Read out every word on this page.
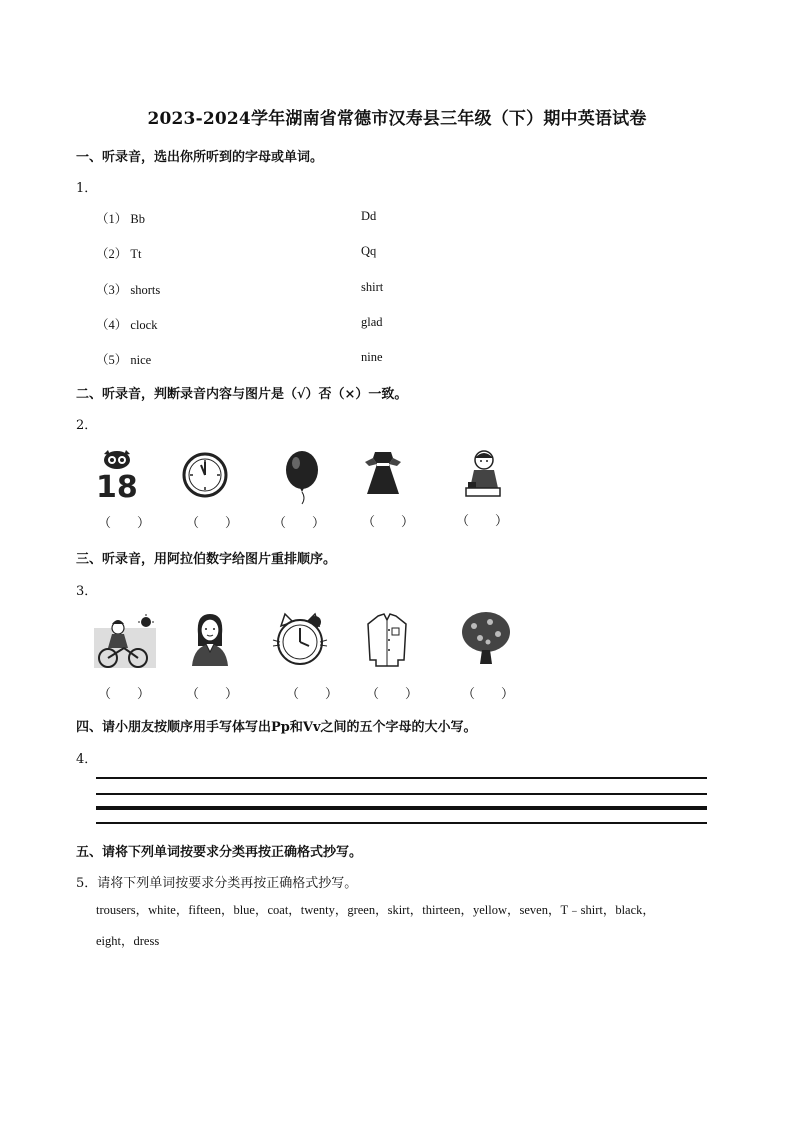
2023-2024学年湖南省常德市汉寿县三年级（下）期中英语试卷
一、听录音，选出你所听到的字母或单词。
1．
（1） Bb	Dd
（2） Tt	Qq
（3） shorts	shirt
（4） clock	glad
（5） nice	nine
二、听录音，判断录音内容与图片是（√）否（×）一致。
2．
18
（　　）	（　　）	（　　）	（　　）	（　　）
三、听录音，用阿拉伯数字给图片重排顺序。
3．
（　　）	（　　）	（　　） （　　）	（　　）
四、请小朋友按顺序用手写体写出Pp和Vv之间的五个字母的大小写。
4．
五、请将下列单词按要求分类再按正确格式抄写。
5．请将下列单词按要求分类再按正确格式抄写。
trousers，white，fifteen，blue，coat，twenty，green，skirt，thirteen，yellow，seven，T﹣shirt，black，
eight，dress
